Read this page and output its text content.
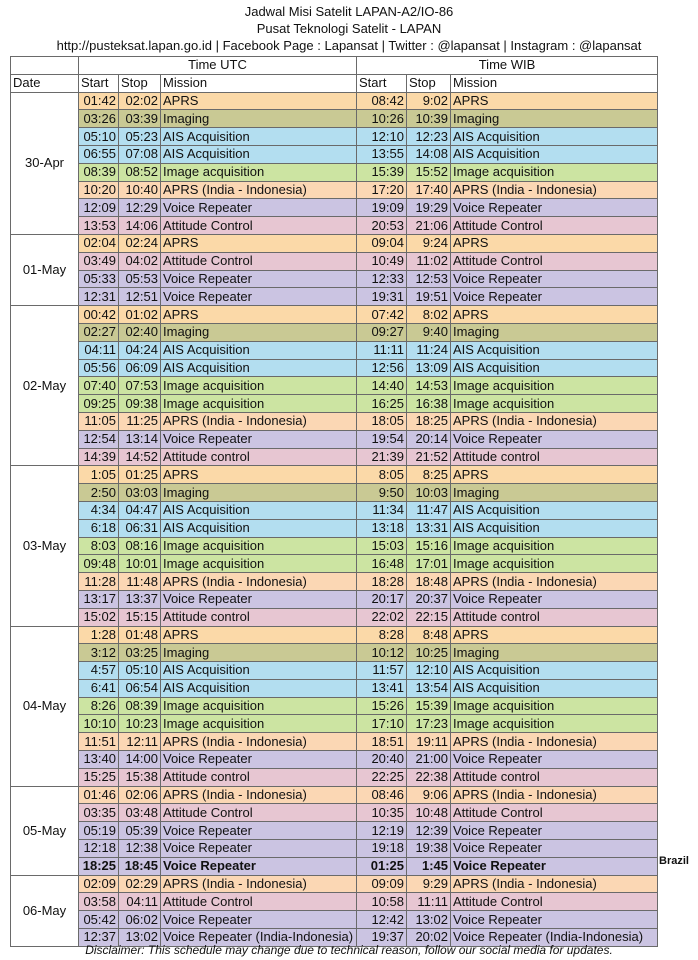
Jadwal Misi Satelit LAPAN-A2/IO-86
Pusat Teknologi Satelit - LAPAN
http://pusteksat.lapan.go.id | Facebook Page : Lapansat | Twitter : @lapansat | Instagram : @lapansat
	Time UTC			Time WIB		
Date	Start	Stop	Mission	Start	Stop	Mission
30-Apr	01:42	02:02	APRS	08:42	9:02	APRS
	03:26	03:39	Imaging	10:26	10:39	Imaging
	05:10	05:23	AIS Acquisition	12:10	12:23	AIS Acquisition
	06:55	07:08	AIS Acquisition	13:55	14:08	AIS Acquisition
	08:39	08:52	Image acquisition	15:39	15:52	Image acquisition
	10:20	10:40	APRS (India - Indonesia)	17:20	17:40	APRS (India - Indonesia)
	12:09	12:29	Voice Repeater	19:09	19:29	Voice Repeater
	13:53	14:06	Attitude Control	20:53	21:06	Attitude Control
01-May	02:04	02:24	APRS	09:04	9:24	APRS
	03:49	04:02	Attitude Control	10:49	11:02	Attitude Control
	05:33	05:53	Voice Repeater	12:33	12:53	Voice Repeater
	12:31	12:51	Voice Repeater	19:31	19:51	Voice Repeater
02-May	00:42	01:02	APRS	07:42	8:02	APRS
	02:27	02:40	Imaging	09:27	9:40	Imaging
	04:11	04:24	AIS Acquisition	11:11	11:24	AIS Acquisition
	05:56	06:09	AIS Acquisition	12:56	13:09	AIS Acquisition
	07:40	07:53	Image acquisition	14:40	14:53	Image acquisition
	09:25	09:38	Image acquisition	16:25	16:38	Image acquisition
	11:05	11:25	APRS (India - Indonesia)	18:05	18:25	APRS (India - Indonesia)
	12:54	13:14	Voice Repeater	19:54	20:14	Voice Repeater
	14:39	14:52	Attitude control	21:39	21:52	Attitude control
03-May	1:05	01:25	APRS	8:05	8:25	APRS
	2:50	03:03	Imaging	9:50	10:03	Imaging
	4:34	04:47	AIS Acquisition	11:34	11:47	AIS Acquisition
	6:18	06:31	AIS Acquisition	13:18	13:31	AIS Acquisition
	8:03	08:16	Image acquisition	15:03	15:16	Image acquisition
	09:48	10:01	Image acquisition	16:48	17:01	Image acquisition
	11:28	11:48	APRS (India - Indonesia)	18:28	18:48	APRS (India - Indonesia)
	13:17	13:37	Voice Repeater	20:17	20:37	Voice Repeater
	15:02	15:15	Attitude control	22:02	22:15	Attitude control
04-May	1:28	01:48	APRS	8:28	8:48	APRS
	3:12	03:25	Imaging	10:12	10:25	Imaging
	4:57	05:10	AIS Acquisition	11:57	12:10	AIS Acquisition
	6:41	06:54	AIS Acquisition	13:41	13:54	AIS Acquisition
	8:26	08:39	Image acquisition	15:26	15:39	Image acquisition
	10:10	10:23	Image acquisition	17:10	17:23	Image acquisition
	11:51	12:11	APRS (India - Indonesia)	18:51	19:11	APRS (India - Indonesia)
	13:40	14:00	Voice Repeater	20:40	21:00	Voice Repeater
	15:25	15:38	Attitude control	22:25	22:38	Attitude control
05-May	01:46	02:06	APRS (India - Indonesia)	08:46	9:06	APRS (India - Indonesia)
	03:35	03:48	Attitude Control	10:35	10:48	Attitude Control
	05:19	05:39	Voice Repeater	12:19	12:39	Voice Repeater
	12:18	12:38	Voice Repeater	19:18	19:38	Voice Repeater
	18:25	18:45	Voice Repeater	01:25	1:45	Voice Repeater
06-May	02:09	02:29	APRS (India - Indonesia)	09:09	9:29	APRS (India - Indonesia)
	03:58	04:11	Attitude Control	10:58	11:11	Attitude Control
	05:42	06:02	Voice Repeater	12:42	13:02	Voice Repeater
	12:37	13:02	Voice Repeater (India-Indonesia)	19:37	20:02	Voice Repeater (India-Indonesia)
Brazil
Disclaimer: This schedule may change due to technical reason, follow our social media for updates.
